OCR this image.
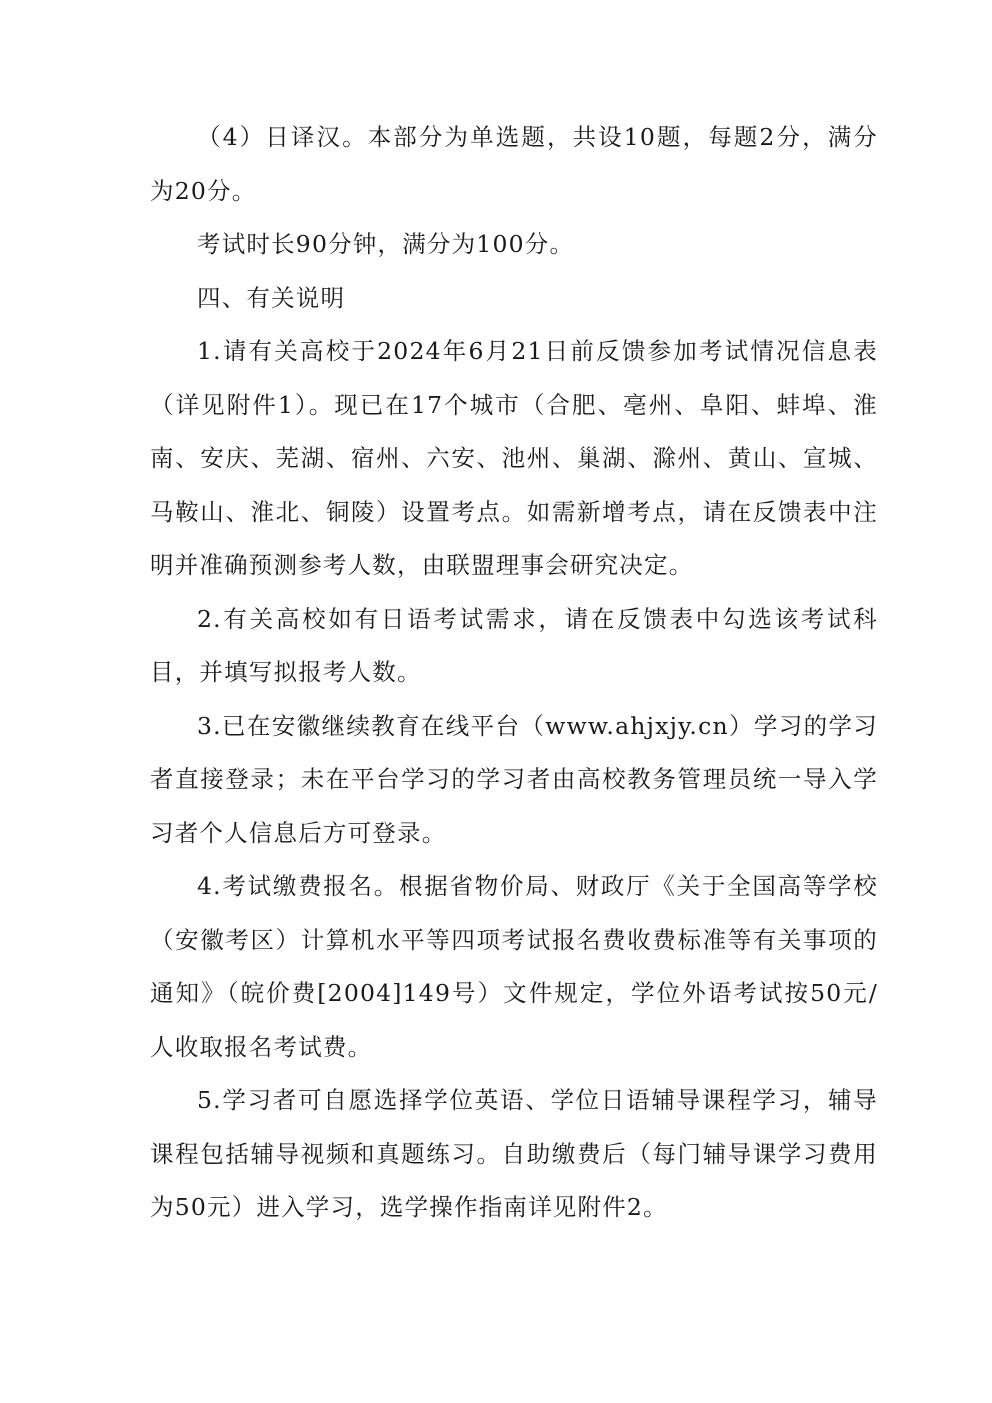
（4）日译汉。本部分为单选题，共设10题，每题2分，满分为20分。

考试时长90分钟，满分为100分。

四、有关说明

1.请有关高校于2024年6月21日前反馈参加考试情况信息表（详见附件1）。现已在17个城市（合肥、亳州、阜阳、蚌埠、淮南、安庆、芜湖、宿州、六安、池州、巢湖、滁州、黄山、宣城、马鞍山、淮北、铜陵）设置考点。如需新增考点，请在反馈表中注明并准确预测参考人数，由联盟理事会研究决定。

2.有关高校如有日语考试需求，请在反馈表中勾选该考试科目，并填写拟报考人数。

3.已在安徽继续教育在线平台（www.ahjxjy.cn）学习的学习者直接登录；未在平台学习的学习者由高校教务管理员统一导入学习者个人信息后方可登录。

4.考试缴费报名。根据省物价局、财政厅《关于全国高等学校（安徽考区）计算机水平等四项考试报名费收费标准等有关事项的通知》（皖价费[2004]149号）文件规定，学位外语考试按50元/人收取报名考试费。

5.学习者可自愿选择学位英语、学位日语辅导课程学习，辅导课程包括辅导视频和真题练习。自助缴费后（每门辅导课学习费用为50元）进入学习，选学操作指南详见附件2。
